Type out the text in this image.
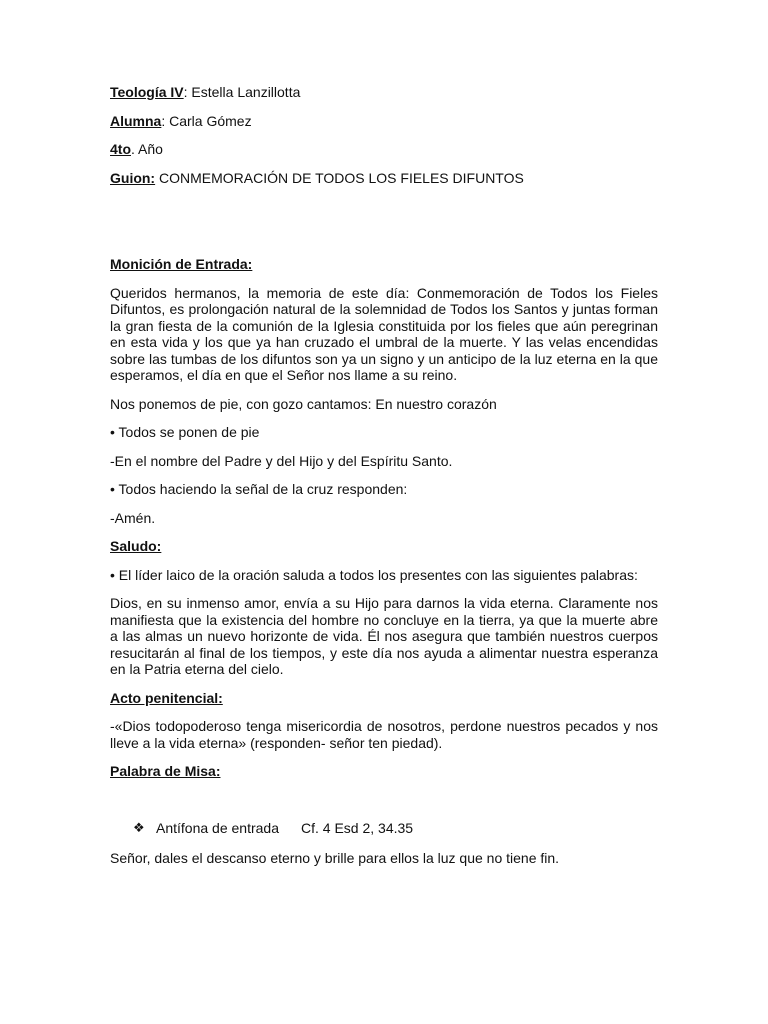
Teología IV: Estella Lanzillotta
Alumna: Carla Gómez
4to. Año
Guion: CONMEMORACIÓN DE TODOS LOS FIELES DIFUNTOS
Monición de Entrada:
Queridos hermanos, la memoria de este día: Conmemoración de Todos los Fieles Difuntos, es prolongación natural de la solemnidad de Todos los Santos y juntas forman la gran fiesta de la comunión de la Iglesia constituida por los fieles que aún peregrinan en esta vida y los que ya han cruzado el umbral de la muerte. Y las velas encendidas sobre las tumbas de los difuntos son ya un signo y un anticipo de la luz eterna en la que esperamos, el día en que el Señor nos llame a su reino.
Nos ponemos de pie, con gozo cantamos: En nuestro corazón
• Todos se ponen de pie
-En el nombre del Padre y del Hijo y del Espíritu Santo.
• Todos haciendo la señal de la cruz responden:
-Amén.
Saludo:
• El líder laico de la oración saluda a todos los presentes con las siguientes palabras:
Dios, en su inmenso amor, envía a su Hijo para darnos la vida eterna. Claramente nos manifiesta que la existencia del hombre no concluye en la tierra, ya que la muerte abre a las almas un nuevo horizonte de vida. Él nos asegura que también nuestros cuerpos resucitarán al final de los tiempos, y este día nos ayuda a alimentar nuestra esperanza en la Patria eterna del cielo.
Acto penitencial:
-«Dios todopoderoso tenga misericordia de nosotros, perdone nuestros pecados y nos lleve a la vida eterna» (responden- señor ten piedad).
Palabra de Misa:
❖ Antífona de entrada Cf. 4 Esd 2, 34.35
Señor, dales el descanso eterno y brille para ellos la luz que no tiene fin.
